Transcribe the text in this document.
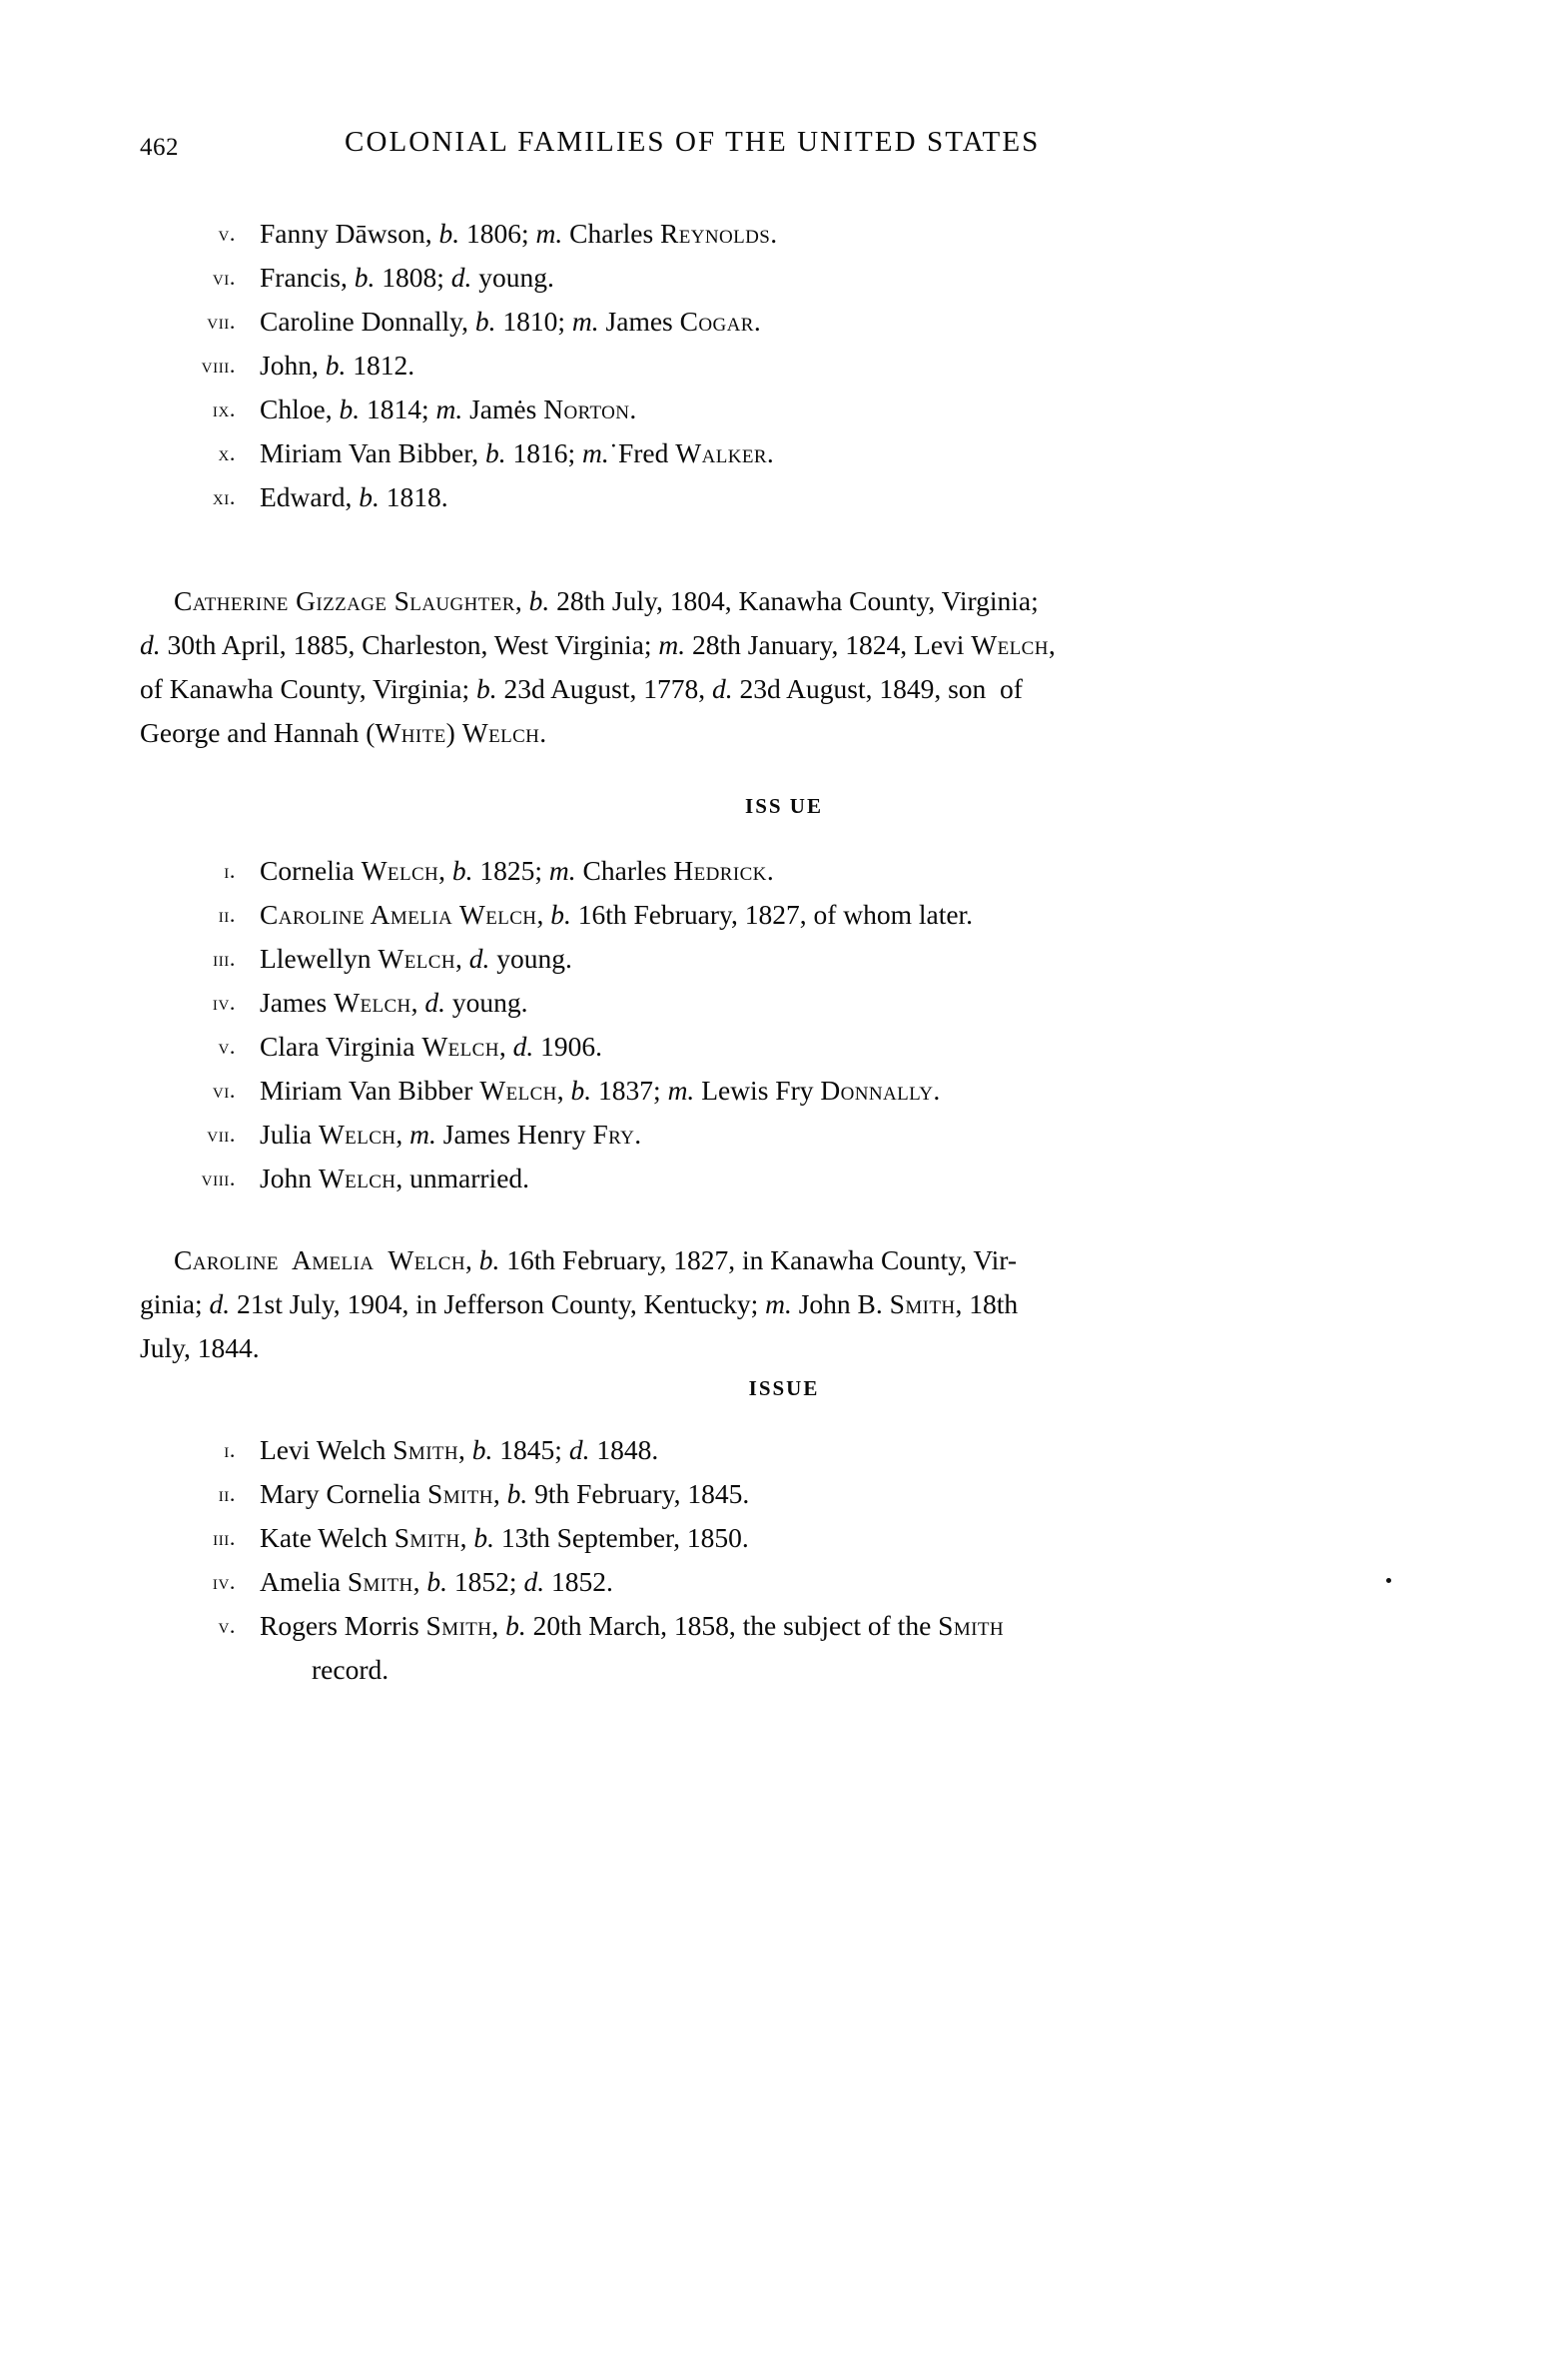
462	COLONIAL FAMILIES OF THE UNITED STATES
v. Fanny Dāwson, b. 1806; m. Charles Reynolds.
vi. Francis, b. 1808; d. young.
vii. Caroline Donnally, b. 1810; m. James Cogar.
viii. John, b. 1812.
ix. Chloe, b. 1814; m. Jamės Norton.
x. Miriam Van Bibber, b. 1816; m.˙Fred Walker.
xi. Edward, b. 1818.
Catherine Gizzage Slaughter, b. 28th July, 1804, Kanawha County, Virginia;
d. 30th April, 1885, Charleston, West Virginia; m. 28th January, 1824, Levi Welch,
of Kanawha County, Virginia; b. 23d August, 1778, d. 23d August, 1849, son  of
George and Hannah (White) Welch.
ISS UE
i. Cornelia Welch, b. 1825; m. Charles Hedrick.
ii. Caroline Amelia Welch, b. 16th February, 1827, of whom later.
iii. Llewellyn Welch, d. young.
iv. James Welch, d. young.
v. Clara Virginia Welch, d. 1906.
vi. Miriam Van Bibber Welch, b. 1837; m. Lewis Fry Donnally.
vii. Julia Welch, m. James Henry Fry.
viii. John Welch, unmarried.
Caroline  Amelia  Welch, b. 16th February, 1827, in Kanawha County, Vir-
ginia; d. 21st July, 1904, in Jefferson County, Kentucky; m. John B. Smith, 18th
July, 1844.
ISSUE
i. Levi Welch Smith, b. 1845; d. 1848.
ii. Mary Cornelia Smith, b. 9th February, 1845.
iii. Kate Welch Smith, b. 13th September, 1850.
iv. Amelia Smith, b. 1852; d. 1852.
v. Rogers Morris Smith, b. 20th March, 1858, the subject of the Smith
record.
